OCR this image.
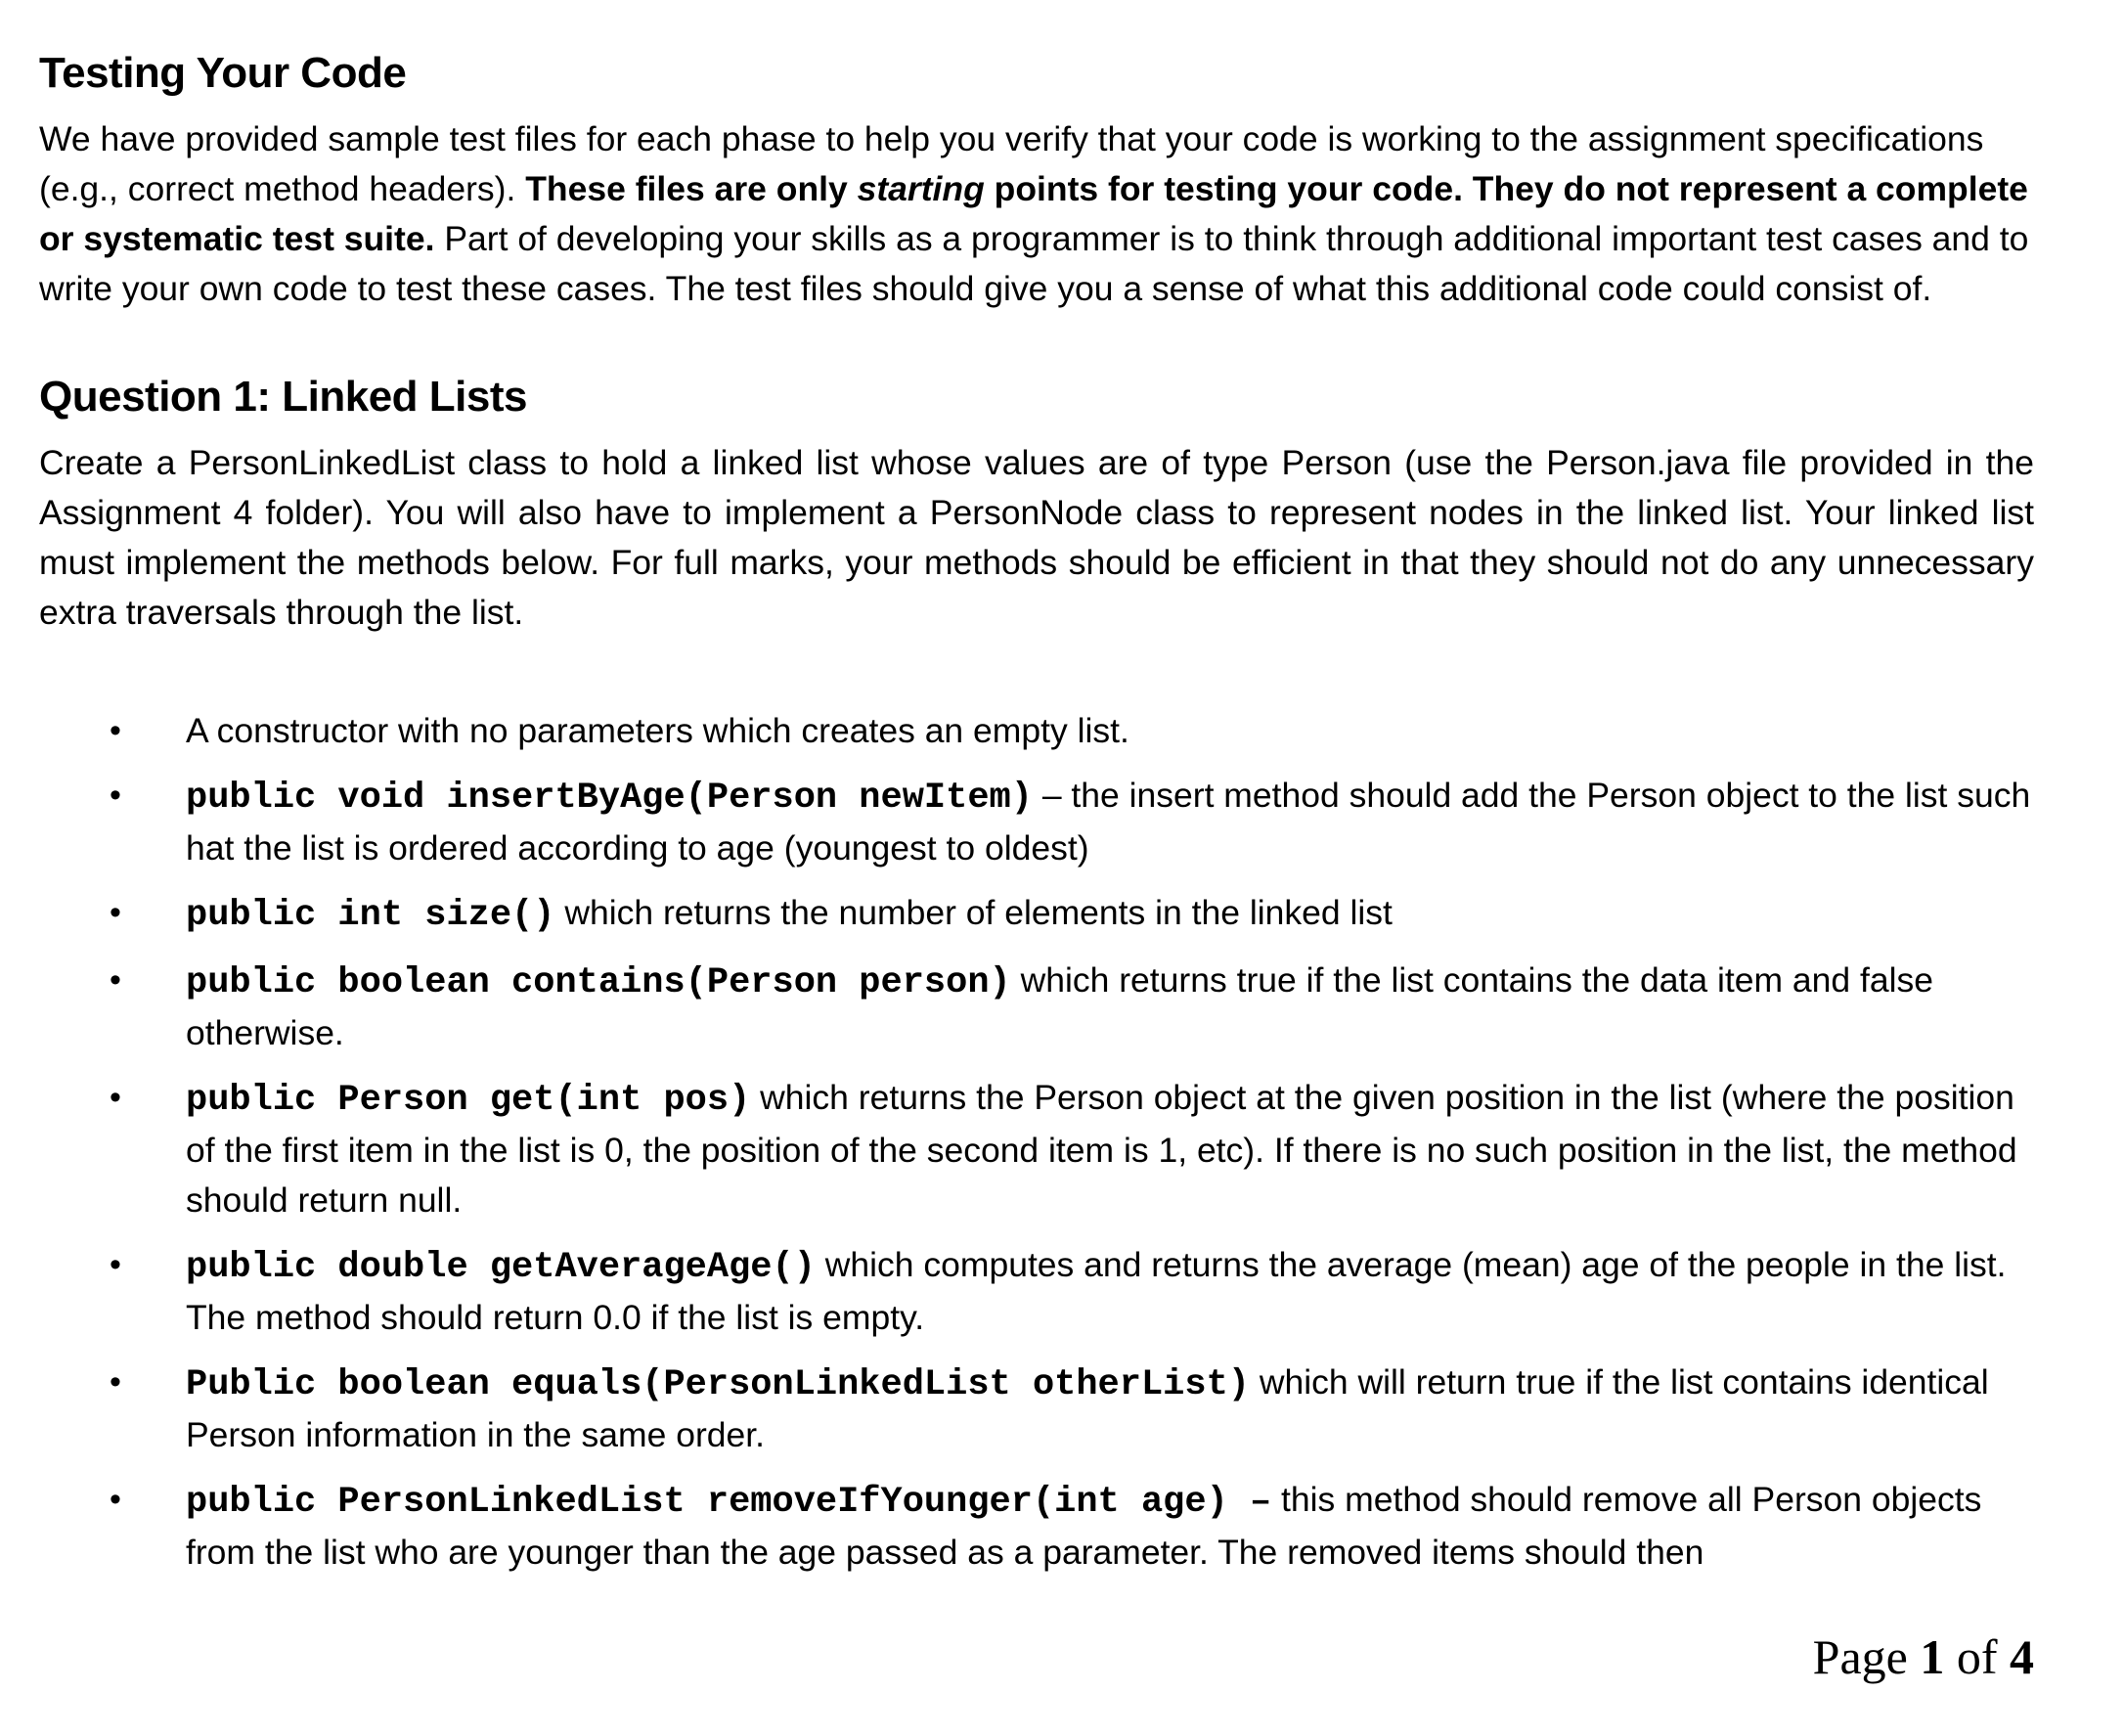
Testing Your Code

We have provided sample test files for each phase to help you verify that your code is working to the assignment specifications (e.g., correct method headers). These files are only starting points for testing your code. They do not represent a complete or systematic test suite. Part of developing your skills as a programmer is to think through additional important test cases and to write your own code to test these cases. The test files should give you a sense of what this additional code could consist of.

Question 1: Linked Lists

Create a PersonLinkedList class to hold a linked list whose values are of type Person (use the Person.java file provided in the Assignment 4 folder). You will also have to implement a PersonNode class to represent nodes in the linked list. Your linked list must implement the methods below. For full marks, your methods should be efficient in that they should not do any unnecessary extra traversals through the list.

• A constructor with no parameters which creates an empty list.
• public void insertByAge(Person newItem) – the insert method should add the Person object to the list such hat the list is ordered according to age (youngest to oldest)
• public int size() which returns the number of elements in the linked list
• public boolean contains(Person person) which returns true if the list contains the data item and false otherwise.
• public Person get(int pos) which returns the Person object at the given position in the list (where the position of the first item in the list is 0, the position of the second item is 1, etc). If there is no such position in the list, the method should return null.
• public double getAverageAge() which computes and returns the average (mean) age of the people in the list. The method should return 0.0 if the list is empty.
• Public boolean equals(PersonLinkedList otherList) which will return true if the list contains identical Person information in the same order.
• public PersonLinkedList removeIfYounger(int age) – this method should remove all Person objects from the list who are younger than the age passed as a parameter. The removed items should then
Page 1 of 4
